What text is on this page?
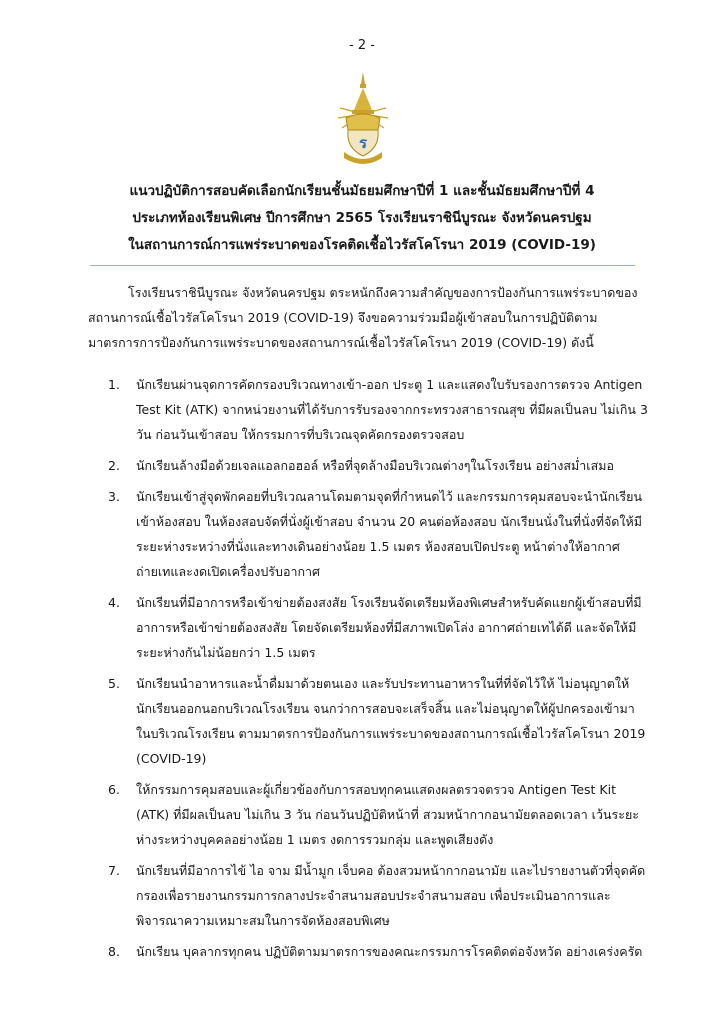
- 2 -
ร
แนวปฏิบัติการสอบคัดเลือกนักเรียนชั้นมัธยมศึกษาปีที่ 1 และชั้นมัธยมศึกษาปีที่ 4
ประเภทห้องเรียนพิเศษ ปีการศึกษา 2565 โรงเรียนราชินีบูรณะ จังหวัดนครปฐม
ในสถานการณ์การแพร่ระบาดของโรคติดเชื้อไวรัสโคโรนา 2019 (COVID-19)
โรงเรียนราชินีบูรณะ จังหวัดนครปฐม ตระหนักถึงความสำคัญของการป้องกันการแพร่ระบาดของสถานการณ์เชื้อไวรัสโคโรนา 2019 (COVID-19) จึงขอความร่วมมือผู้เข้าสอบในการปฏิบัติตามมาตรการการป้องกันการแพร่ระบาดของสถานการณ์เชื้อไวรัสโคโรนา 2019 (COVID-19) ดังนี้
1. นักเรียนผ่านจุดการคัดกรองบริเวณทางเข้า-ออก ประตู 1 และแสดงใบรับรองการตรวจ Antigen Test Kit (ATK) จากหน่วยงานที่ได้รับการรับรองจากกระทรวงสาธารณสุข ที่มีผลเป็นลบ ไม่เกิน 3 วัน ก่อนวันเข้าสอบ ให้กรรมการที่บริเวณจุดคัดกรองตรวจสอบ
2. นักเรียนล้างมือด้วยเจลแอลกอฮอล์ หรือที่จุดล้างมือบริเวณต่างๆในโรงเรียน อย่างสม่ำเสมอ
3. นักเรียนเข้าสู่จุดพักคอยที่บริเวณลานโดมตามจุดที่กำหนดไว้ และกรรมการคุมสอบจะนำนักเรียนเข้าห้องสอบ ในห้องสอบจัดที่นั่งผู้เข้าสอบ จำนวน 20 คนต่อห้องสอบ นักเรียนนั่งในที่นั่งที่จัดให้มีระยะห่างระหว่างที่นั่งและทางเดินอย่างน้อย 1.5 เมตร ห้องสอบเปิดประตู หน้าต่างให้อากาศถ่ายเทและงดเปิดเครื่องปรับอากาศ
4. นักเรียนที่มีอาการหรือเข้าข่ายต้องสงสัย โรงเรียนจัดเตรียมห้องพิเศษสำหรับคัดแยกผู้เข้าสอบที่มีอาการหรือเข้าข่ายต้องสงสัย โดยจัดเตรียมห้องที่มีสภาพเปิดโล่ง อากาศถ่ายเทได้ดี และจัดให้มีระยะห่างกันไม่น้อยกว่า 1.5 เมตร
5. นักเรียนนำอาหารและน้ำดื่มมาด้วยตนเอง และรับประทานอาหารในที่ที่จัดไว้ให้ ไม่อนุญาตให้นักเรียนออกนอกบริเวณโรงเรียน จนกว่าการสอบจะเสร็จสิ้น และไม่อนุญาตให้ผู้ปกครองเข้ามาในบริเวณโรงเรียน ตามมาตรการป้องกันการแพร่ระบาดของสถานการณ์เชื้อไวรัสโคโรนา 2019 (COVID-19)
6. ให้กรรมการคุมสอบและผู้เกี่ยวข้องกับการสอบทุกคนแสดงผลตรวจตรวจ Antigen Test Kit (ATK) ที่มีผลเป็นลบ ไม่เกิน 3 วัน ก่อนวันปฏิบัติหน้าที่ สวมหน้ากากอนามัยตลอดเวลา เว้นระยะห่างระหว่างบุคคลอย่างน้อย 1 เมตร งดการรวมกลุ่ม และพูดเสียงดัง
7. นักเรียนที่มีอาการไข้ ไอ จาม มีน้ำมูก เจ็บคอ ต้องสวมหน้ากากอนามัย และไปรายงานตัวที่จุดคัดกรองเพื่อรายงานกรรมการกลางประจำสนามสอบประจำสนามสอบ เพื่อประเมินอาการและพิจารณาความเหมาะสมในการจัดห้องสอบพิเศษ
8. นักเรียน บุคลากรทุกคน ปฏิบัติตามมาตรการของคณะกรรมการโรคติดต่อจังหวัด อย่างเคร่งครัด
